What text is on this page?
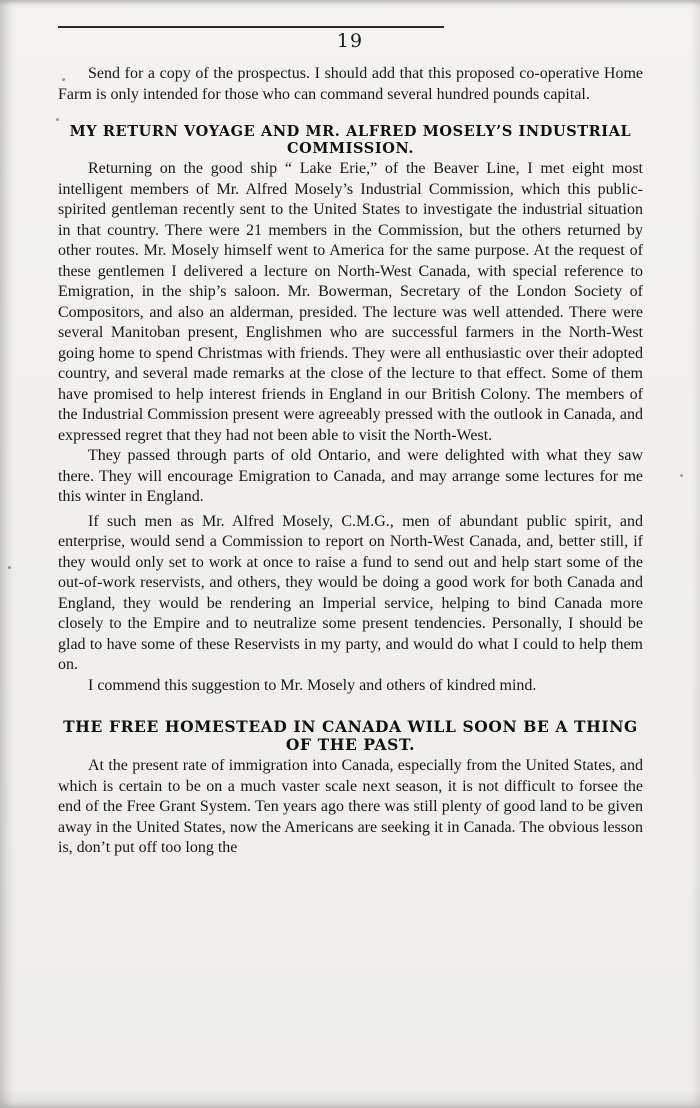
19

Send for a copy of the prospectus. I should add that this proposed co-operative Home Farm is only intended for those who can command several hundred pounds capital.

MY RETURN VOYAGE AND MR. ALFRED MOSELY’S INDUSTRIAL COMMISSION.

Returning on the good ship “ Lake Erie,” of the Beaver Line, I met eight most intelligent members of Mr. Alfred Mosely’s Industrial Commission, which this public-spirited gentleman recently sent to the United States to investigate the industrial situation in that country. There were 21 members in the Commission, but the others returned by other routes. Mr. Mosely himself went to America for the same purpose. At the request of these gentlemen I delivered a lecture on North-West Canada, with special reference to Emigration, in the ship’s saloon. Mr. Bowerman, Secretary of the London Society of Compositors, and also an alderman, presided. The lecture was well attended. There were several Manitoban present, Englishmen who are successful farmers in the North-West going home to spend Christmas with friends. They were all enthusiastic over their adopted country, and several made remarks at the close of the lecture to that effect. Some of them have promised to help interest friends in England in our British Colony. The members of the Industrial Commission present were agreeably pressed with the outlook in Canada, and expressed regret that they had not been able to visit the North-West.

They passed through parts of old Ontario, and were delighted with what they saw there. They will encourage Emigration to Canada, and may arrange some lectures for me this winter in England.

If such men as Mr. Alfred Mosely, C.M.G., men of abundant public spirit, and enterprise, would send a Commission to report on North-West Canada, and, better still, if they would only set to work at once to raise a fund to send out and help start some of the out-of-work reservists, and others, they would be doing a good work for both Canada and England, they would be rendering an Imperial service, helping to bind Canada more closely to the Empire and to neutralize some present tendencies. Personally, I should be glad to have some of these Reservists in my party, and would do what I could to help them on.

I commend this suggestion to Mr. Mosely and others of kindred mind.

THE FREE HOMESTEAD IN CANADA WILL SOON BE A THING OF THE PAST.

At the present rate of immigration into Canada, especially from the United States, and which is certain to be on a much vaster scale next season, it is not difficult to forsee the end of the Free Grant System. Ten years ago there was still plenty of good land to be given away in the United States, now the Americans are seeking it in Canada. The obvious lesson is, don’t put off too long the
